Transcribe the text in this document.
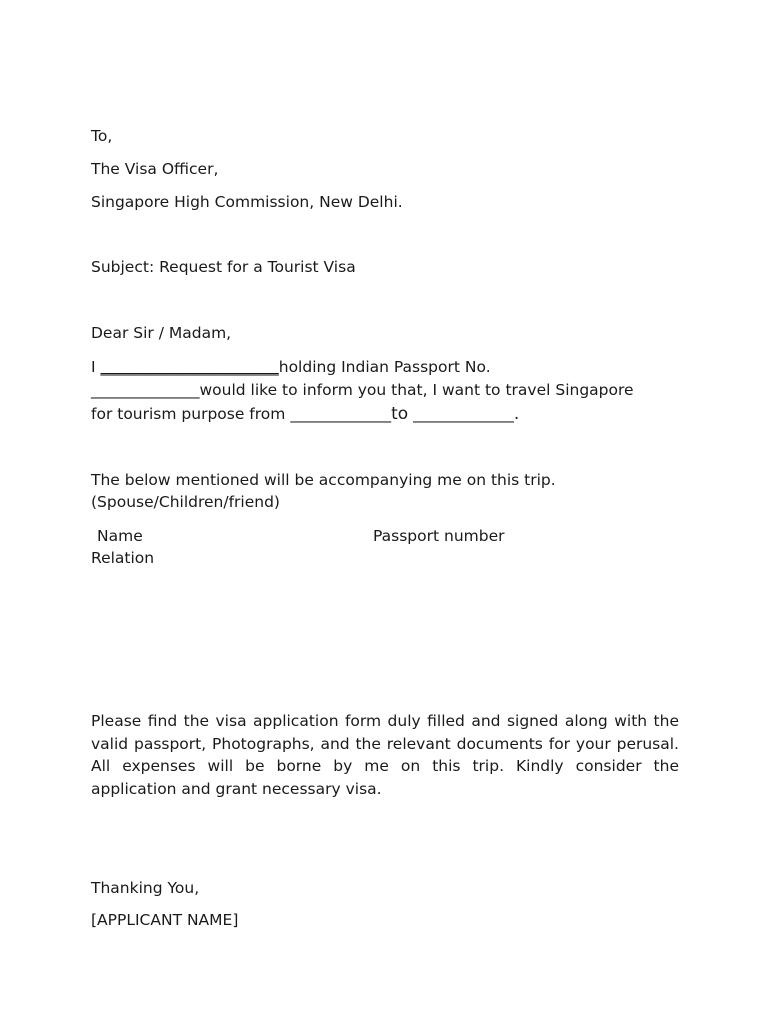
To,
The Visa Officer,
Singapore High Commission, New Delhi.
Subject: Request for a Tourist Visa
Dear Sir / Madam,
I _______________________holding Indian Passport No.
______________would like to inform you that, I want to travel Singapore
for tourism purpose from _____________to _____________.
The below mentioned will be accompanying me on this trip.
(Spouse/Children/friend)
Name	Passport number
Relation
Please find the visa application form duly filled and signed along with the valid passport, Photographs, and the relevant documents for your perusal. All expenses will be borne by me on this trip. Kindly consider the application and grant necessary visa.
Thanking You,
[APPLICANT NAME]
